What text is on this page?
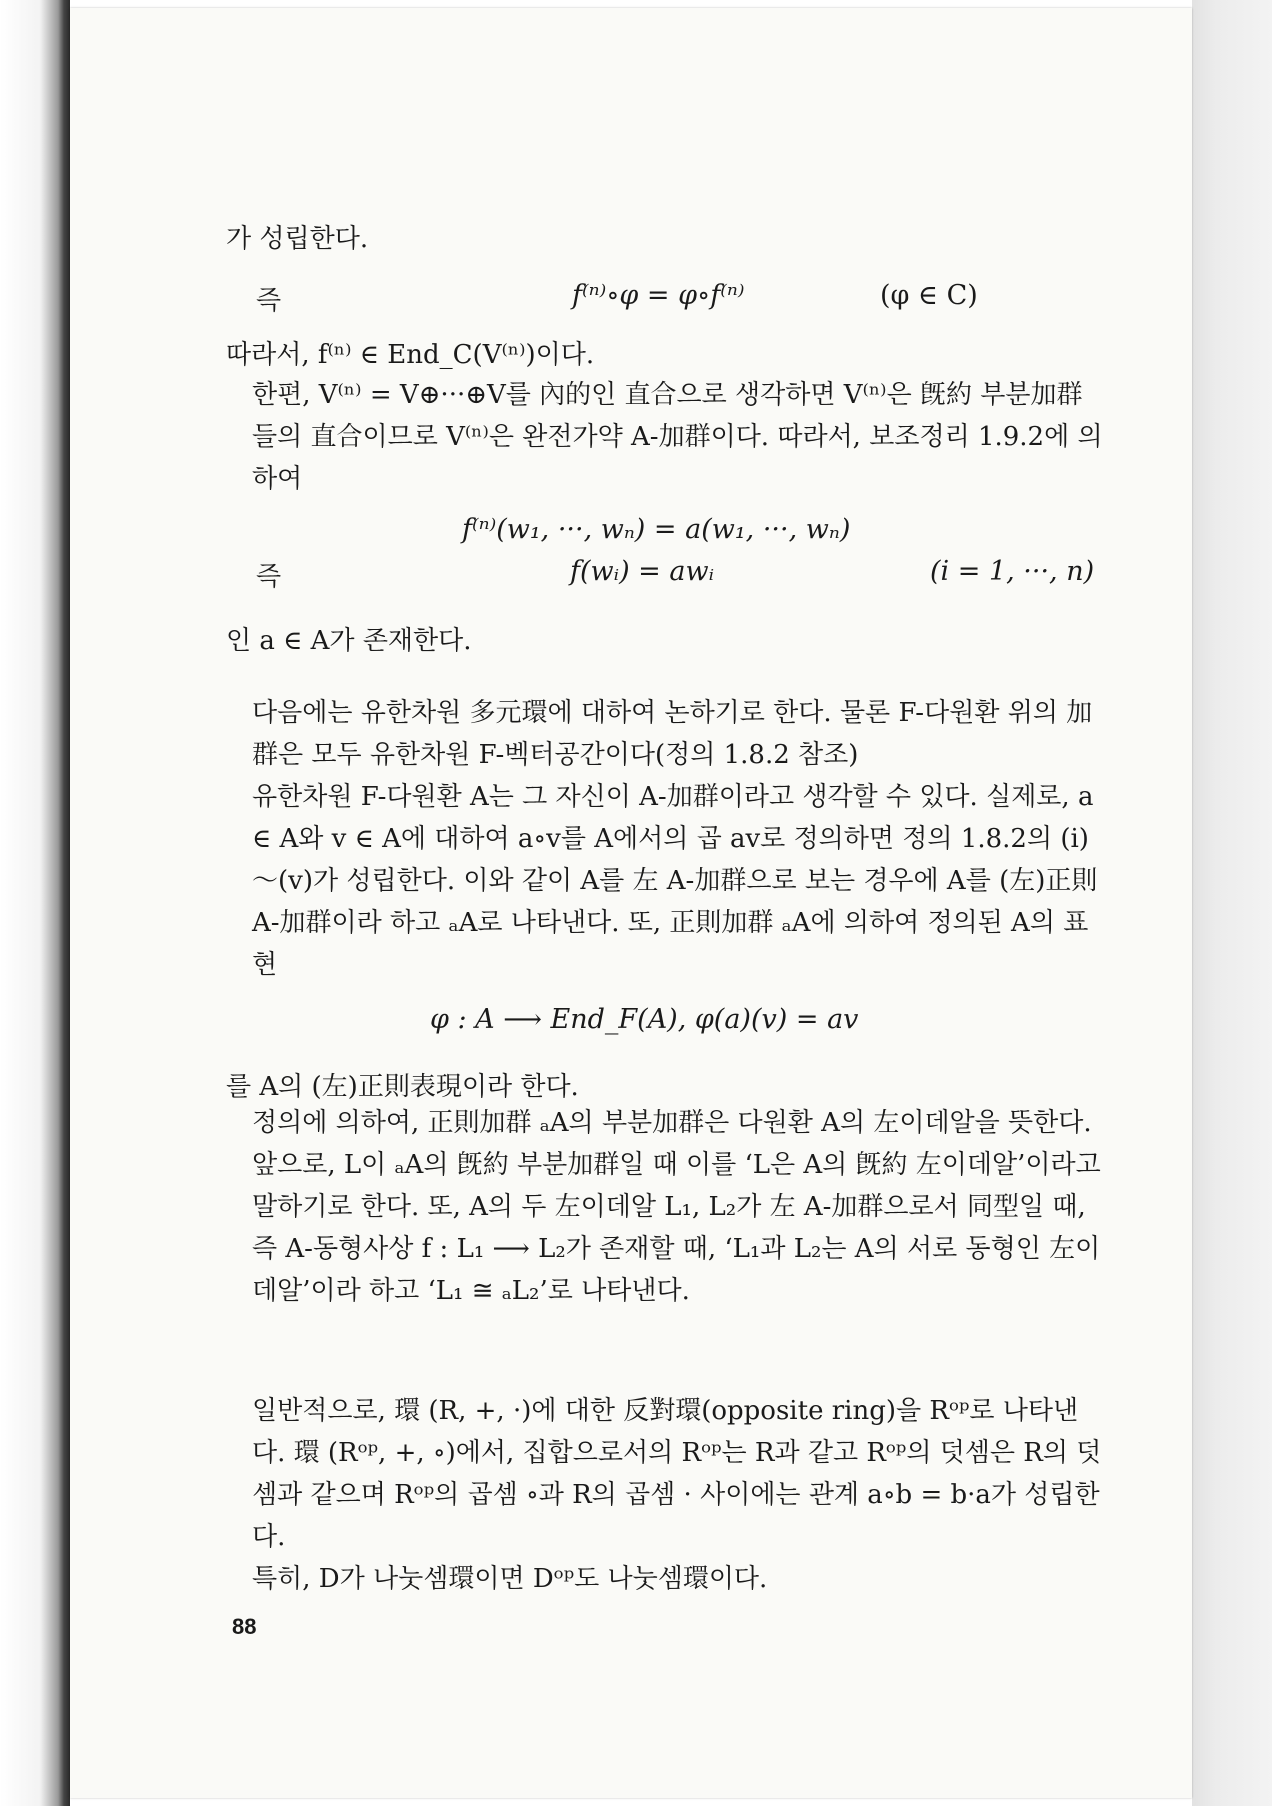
가 성립한다.
즉	f⁽ⁿ⁾∘φ = φ∘f⁽ⁿ⁾	(φ ∈ C)
따라서, f⁽ⁿ⁾ ∈ End_C(V⁽ⁿ⁾)이다.
한편, V⁽ⁿ⁾ = V⊕···⊕V를 內的인 直合으로 생각하면 V⁽ⁿ⁾은 旣約 부분加群들의 直合이므로 V⁽ⁿ⁾은 완전가약 A-加群이다. 따라서, 보조정리 1.9.2에 의하여
f⁽ⁿ⁾(w₁, ···, wₙ) = a(w₁, ···, wₙ)
즉	f(wᵢ) = awᵢ	(i = 1, ···, n)
인 a ∈ A가 존재한다.
다음에는 유한차원 多元環에 대하여 논하기로 한다. 물론 F-다원환 위의 加群은 모두 유한차원 F-벡터공간이다(정의 1.8.2 참조)
유한차원 F-다원환 A는 그 자신이 A-加群이라고 생각할 수 있다. 실제로, a ∈ A와 v ∈ A에 대하여 a∘v를 A에서의 곱 av로 정의하면 정의 1.8.2의 (i)～(v)가 성립한다. 이와 같이 A를 左 A-加群으로 보는 경우에 A를 (左)正則 A-加群이라 하고 ₐA로 나타낸다. 또, 正則加群 ₐA에 의하여 정의된 A의 표현
φ : A ⟶ End_F(A), φ(a)(v) = av
를 A의 (左)正則表現이라 한다.
정의에 의하여, 正則加群 ₐA의 부분加群은 다원환 A의 左이데알을 뜻한다. 앞으로, L이 ₐA의 旣約 부분加群일 때 이를 ‘L은 A의 旣約 左이데알’이라고 말하기로 한다. 또, A의 두 左이데알 L₁, L₂가 左 A-加群으로서 同型일 때, 즉 A-동형사상 f : L₁ ⟶ L₂가 존재할 때, ‘L₁과 L₂는 A의 서로 동형인 左이데알’이라 하고 ‘L₁ ≅ ₐL₂’로 나타낸다.
일반적으로, 環 (R, +, ·)에 대한 反對環(opposite ring)을 Rᵒᵖ로 나타낸다. 環 (Rᵒᵖ, +, ∘)에서, 집합으로서의 Rᵒᵖ는 R과 같고 Rᵒᵖ의 덧셈은 R의 덧셈과 같으며 Rᵒᵖ의 곱셈 ∘과 R의 곱셈 · 사이에는 관계 a∘b = b·a가 성립한다.
특히, D가 나눗셈環이면 Dᵒᵖ도 나눗셈環이다.
88
